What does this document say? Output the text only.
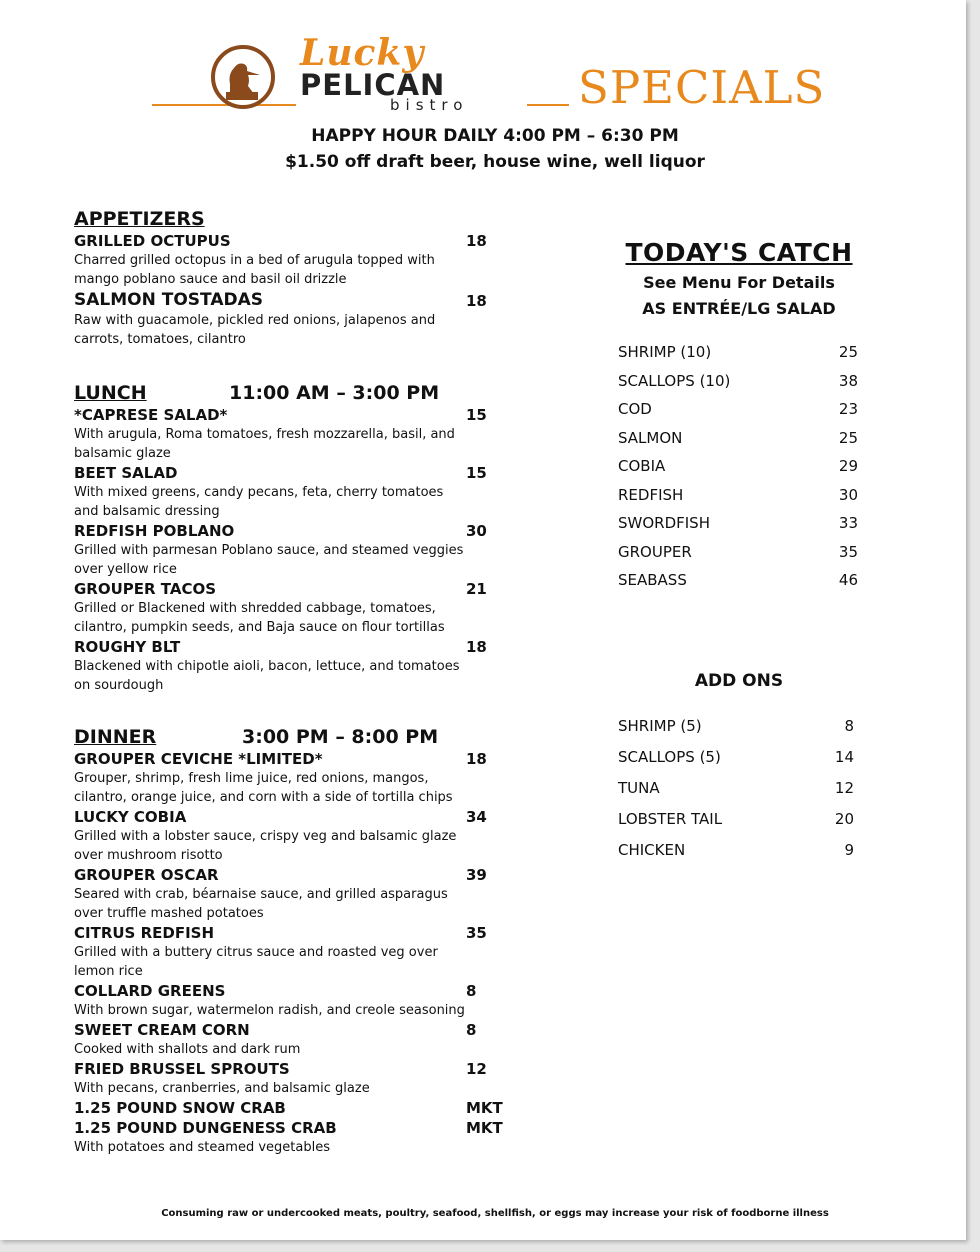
Lucky
PELICAN
bistro SPECIALS
HAPPY HOUR DAILY 4:00 PM – 6:30 PM
$1.50 off draft beer, house wine, well liquor
APPETIZERS
GRILLED OCTUPUS	18
Charred grilled octopus in a bed of arugula topped with mango poblano sauce and basil oil drizzle
SALMON TOSTADAS	18
Raw with guacamole, pickled red onions, jalapenos and carrots, tomatoes, cilantro
LUNCH	11:00 AM – 3:00 PM
*CAPRESE SALAD*	15
With arugula, Roma tomatoes, fresh mozzarella, basil, and balsamic glaze
BEET SALAD	15
With mixed greens, candy pecans, feta, cherry tomatoes and balsamic dressing
REDFISH POBLANO	30
Grilled with parmesan Poblano sauce, and steamed veggies over yellow rice
GROUPER TACOS	21
Grilled or Blackened with shredded cabbage, tomatoes, cilantro, pumpkin seeds, and Baja sauce on flour tortillas
ROUGHY BLT	18
Blackened with chipotle aioli, bacon, lettuce, and tomatoes on sourdough
DINNER	3:00 PM – 8:00 PM
GROUPER CEVICHE *LIMITED*	18
Grouper, shrimp, fresh lime juice, red onions, mangos, cilantro, orange juice, and corn with a side of tortilla chips
LUCKY COBIA	34
Grilled with a lobster sauce, crispy veg and balsamic glaze over mushroom risotto
GROUPER OSCAR	39
Seared with crab, béarnaise sauce, and grilled asparagus over truffle mashed potatoes
CITRUS REDFISH	35
Grilled with a buttery citrus sauce and roasted veg over lemon rice
COLLARD GREENS	8
With brown sugar, watermelon radish, and creole seasoning
SWEET CREAM CORN	8
Cooked with shallots and dark rum
FRIED BRUSSEL SPROUTS	12
With pecans, cranberries, and balsamic glaze
1.25 POUND SNOW CRAB	MKT
1.25 POUND DUNGENESS CRAB	MKT
With potatoes and steamed vegetables
TODAY'S CATCH
See Menu For Details
AS ENTRÉE/LG SALAD
SHRIMP (10)	25
SCALLOPS (10)	38
COD	23
SALMON	25
COBIA	29
REDFISH	30
SWORDFISH	33
GROUPER	35
SEABASS	46
ADD ONS
SHRIMP (5)	8
SCALLOPS (5)	14
TUNA	12
LOBSTER TAIL	20
CHICKEN	9
Consuming raw or undercooked meats, poultry, seafood, shellfish, or eggs may increase your risk of foodborne illness
